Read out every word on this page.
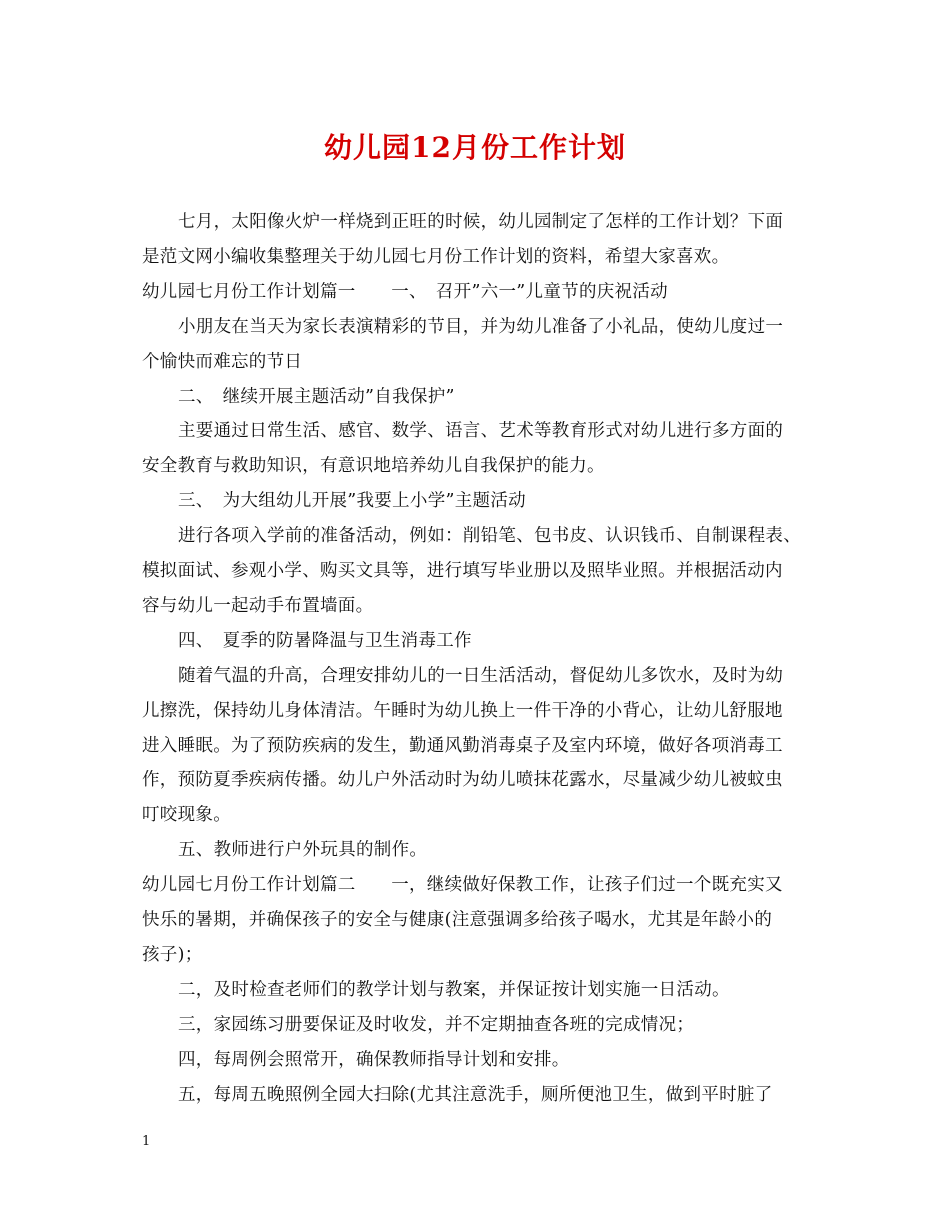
幼儿园12月份工作计划
七月，太阳像火炉一样烧到正旺的时候，幼儿园制定了怎样的工作计划？下面
是范文网小编收集整理关于幼儿园七月份工作计划的资料，希望大家喜欢。
幼儿园七月份工作计划篇一　　一、　召开”六一”儿童节的庆祝活动
小朋友在当天为家长表演精彩的节目，并为幼儿准备了小礼品，使幼儿度过一
个愉快而难忘的节日
二、　继续开展主题活动”自我保护”
主要通过日常生活、感官、数学、语言、艺术等教育形式对幼儿进行多方面的
安全教育与救助知识，有意识地培养幼儿自我保护的能力。
三、　为大组幼儿开展”我要上小学”主题活动
进行各项入学前的准备活动，例如：削铅笔、包书皮、认识钱币、自制课程表、
模拟面试、参观小学、购买文具等，进行填写毕业册以及照毕业照。并根据活动内
容与幼儿一起动手布置墙面。
四、　夏季的防暑降温与卫生消毒工作
随着气温的升高，合理安排幼儿的一日生活活动，督促幼儿多饮水，及时为幼
儿擦洗，保持幼儿身体清洁。午睡时为幼儿换上一件干净的小背心，让幼儿舒服地
进入睡眠。为了预防疾病的发生，勤通风勤消毒桌子及室内环境，做好各项消毒工
作，预防夏季疾病传播。幼儿户外活动时为幼儿喷抹花露水，尽量减少幼儿被蚊虫
叮咬现象。
五、教师进行户外玩具的制作。
幼儿园七月份工作计划篇二　　一，继续做好保教工作，让孩子们过一个既充实又
快乐的暑期，并确保孩子的安全与健康(注意强调多给孩子喝水，尤其是年龄小的
孩子)；
二，及时检查老师们的教学计划与教案，并保证按计划实施一日活动。
三，家园练习册要保证及时收发，并不定期抽查各班的完成情况；
四，每周例会照常开，确保教师指导计划和安排。
五，每周五晚照例全园大扫除(尤其注意洗手，厕所便池卫生，做到平时脏了
1
